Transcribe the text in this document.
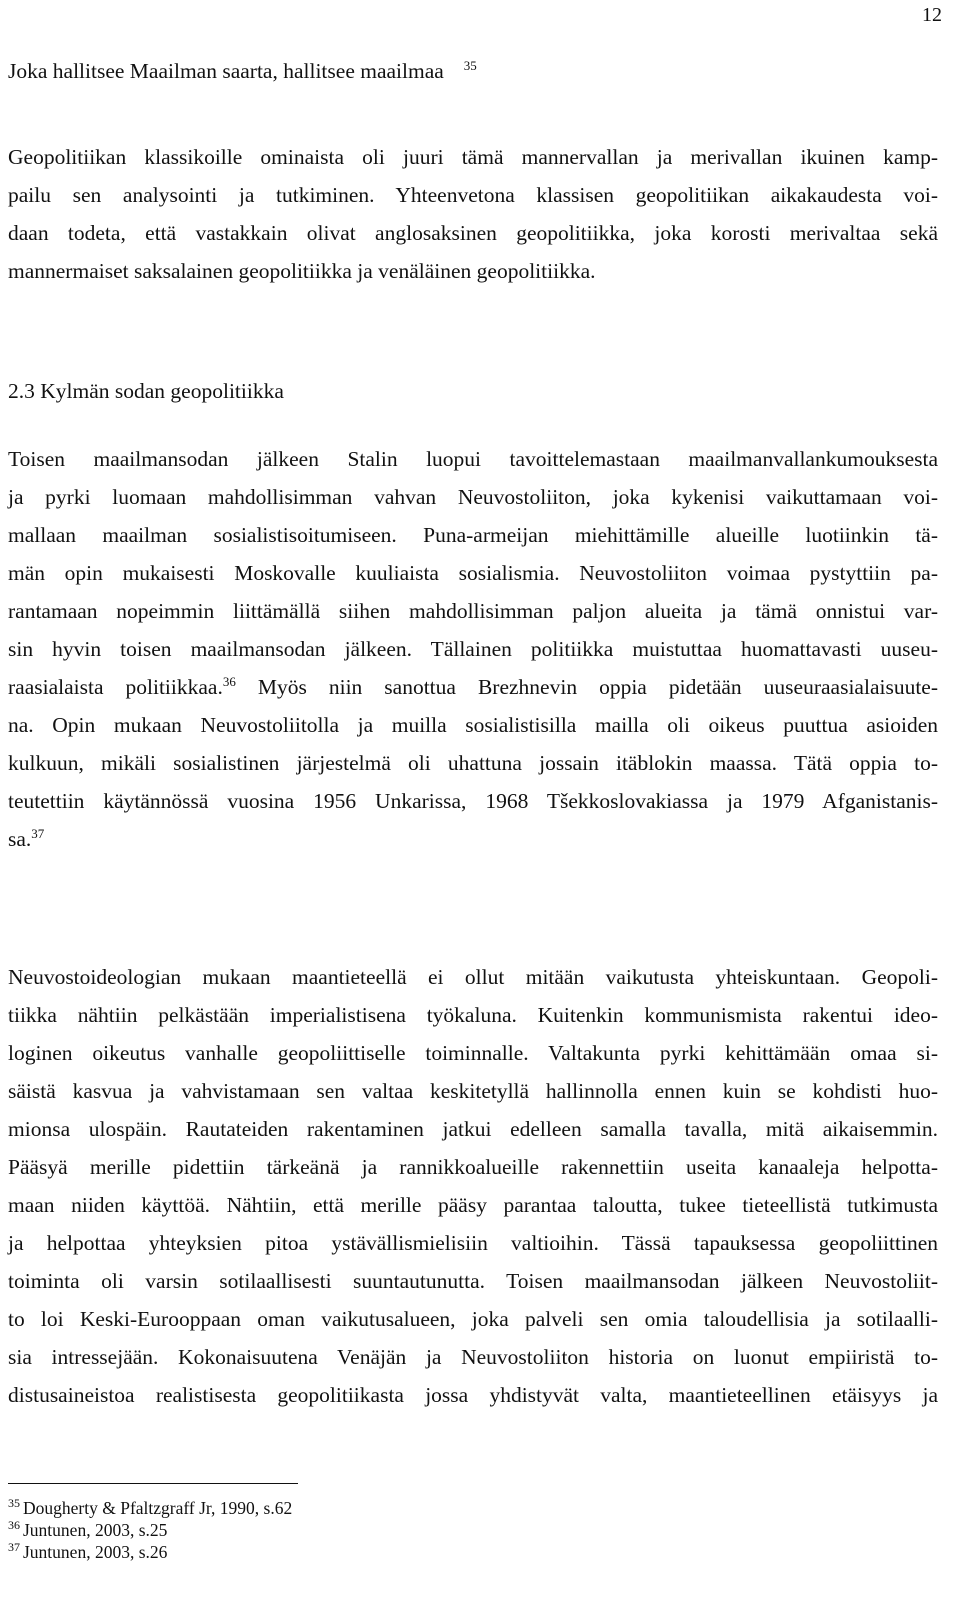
12
Joka hallitsee Maailman saarta, hallitsee maailmaa $^{35}$
Geopolitiikan klassikoille ominaista oli juuri tämä mannervallan ja merivallan ikuinen kamp-
pailu sen analysointi ja tutkiminen. Yhteenvetona klassisen geopolitiikan aikakaudesta voi-
daan todeta, että vastakkain olivat anglosaksinen geopolitiikka, joka korosti merivaltaa sekä
mannermaiset saksalainen geopolitiikka ja venäläinen geopolitiikka.
2.3 Kylmän sodan geopolitiikka
Toisen maailmansodan jälkeen Stalin luopui tavoittelemastaan maailmanvallankumouksesta
ja pyrki luomaan mahdollisimman vahvan Neuvostoliiton, joka kykenisi vaikuttamaan voi-
mallaan maailman sosialistisoitumiseen. Puna-armeijan miehittämille alueille luotiinkin tä-
män opin mukaisesti Moskovalle kuuliaista sosialismia. Neuvostoliiton voimaa pystyttiin pa-
rantamaan nopeimmin liittämällä siihen mahdollisimman paljon alueita ja tämä onnistui var-
sin hyvin toisen maailmansodan jälkeen. Tällainen politiikka muistuttaa huomattavasti uuseu-
raasialaista politiikkaa.$^{36}$ Myös niin sanottua Brezhnevin oppia pidetään uuseuraasialaisuute-
na. Opin mukaan Neuvostoliitolla ja muilla sosialistisilla mailla oli oikeus puuttua asioiden
kulkuun, mikäli sosialistinen järjestelmä oli uhattuna jossain itäblokin maassa. Tätä oppia to-
teutettiin käytännössä vuosina 1956 Unkarissa, 1968 Tšekkoslovakiassa ja 1979 Afganistanis-
sa.$^{37}$
Neuvostoideologian mukaan maantieteellä ei ollut mitään vaikutusta yhteiskuntaan. Geopoli-
tiikka nähtiin pelkästään imperialistisena työkaluna. Kuitenkin kommunismista rakentui ideo-
loginen oikeutus vanhalle geopoliittiselle toiminnalle. Valtakunta pyrki kehittämään omaa si-
säistä kasvua ja vahvistamaan sen valtaa keskitetyllä hallinnolla ennen kuin se kohdisti huo-
mionsa ulospäin. Rautateiden rakentaminen jatkui edelleen samalla tavalla, mitä aikaisemmin.
Pääsyä merille pidettiin tärkeänä ja rannikkoalueille rakennettiin useita kanaaleja helpotta-
maan niiden käyttöä. Nähtiin, että merille pääsy parantaa taloutta, tukee tieteellistä tutkimusta
ja helpottaa yhteyksien pitoa ystävällismielisiin valtioihin. Tässä tapauksessa geopoliittinen
toiminta oli varsin sotilaallisesti suuntautunutta. Toisen maailmansodan jälkeen Neuvostoliit-
to loi Keski-Eurooppaan oman vaikutusalueen, joka palveli sen omia taloudellisia ja sotilaalli-
sia intressejään. Kokonaisuutena Venäjän ja Neuvostoliiton historia on luonut empiiristä to-
distusaineistoa realistisesta geopolitiikasta jossa yhdistyvät valta, maantieteellinen etäisyys ja
$^{35}$ Dougherty & Pfaltzgraff Jr, 1990, s.62
$^{36}$ Juntunen, 2003, s.25
$^{37}$ Juntunen, 2003, s.26
